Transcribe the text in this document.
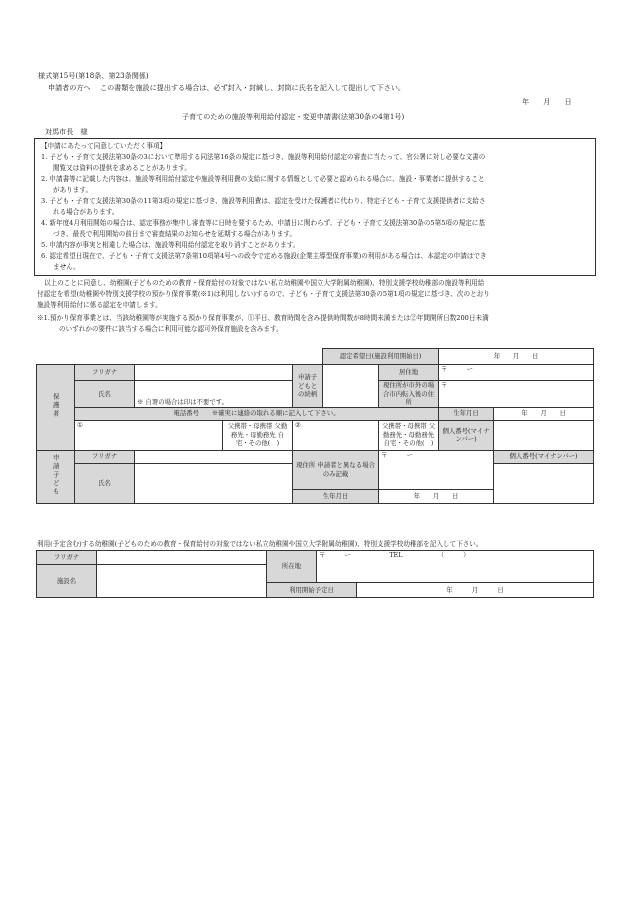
様式第15号(第18条、第23条関係)
申請者の方へ この書類を施設に提出する場合は、必ず封入・封緘し、封筒に氏名を記入して提出して下さい。
年　　月　　日
子育てのための施設等利用給付認定・変更申請書(法第30条の4第1号)
対馬市長　様
【申請にあたって同意していただく事項】
1. 子ども・子育て支援法第30条の3において準用する同法第16条の規定に基づき、施設等利用給付認定の審査に当たって、官公署に対し必要な文書の
閲覧又は資料の提供を求めることがあります。
2. 申請書等に記載した内容は、施設等利用給付認定や施設等利用費の支給に関する情報として必要と認められる場合に、施設・事業者に提供すること
があります。
3. 子ども・子育て支援法第30条の11第3項の規定に基づき、施設等利用費は、認定を受けた保護者に代わり、特定子ども・子育て支援提供者に支給さ
れる場合があります。
4. 新年度4月利用開始の場合は、認定事務が集中し審査等に日時を要するため、申請日に関わらず、子ども・子育て支援法第30条の5第5項の規定に基
づき、最長で利用開始の前日まで審査結果のお知らせを延期する場合があります。
5. 申請内容が事実と相違した場合は、施設等利用給付認定を取り消すことがあります。
6. 認定希望日現在で、子ども・子育て支援法第7条第10項第4号への政令で定める施設(企業主導型保育事業)の利用がある場合は、本認定の申請はでき
ません。
以上のことに同意し、幼稚園(子どものための教育・保育給付の対象ではない私立幼稚園や国立大学附属幼稚園)、特別支援学校幼稚部の施設等利用給
付認定を希望(幼稚園や特別支援学校の預かり保育事業(※1)は利用しない)するので、子ども・子育て支援法第30条の5第1項の規定に基づき、次のとおり
施設等利用給付に係る認定を申請します。
※1.預かり保育事業とは、当該幼稚園等が実施する預かり保育事業が、①平日、教育時間を含み提供時間数が8時間未満または②年間開所日数200日未満
のいずれかの要件に該当する場合に利用可能な認可外保育施設を含みます。
					認定希望日(施設利用開始日)		年　　月　　日	
保護者	フリガナ			申請子どもとの続柄		居住地	〒　　　ー	
	氏名	※ 自署の場合は印は不要です。				現住所が市外の場合市内転入後の住所	〒	
	電話番号　　 ※確実に連絡の取れる順に記入して下さい。						生年月日	年　　月　　日
	①		父携帯・母携帯 父勤務先・母勤務先 自宅・その他(　)	②		父携帯・母携帯 父勤務先・母勤務先 自宅・その他(　)	個人番号(マイナンバー)	
申請子ども	フリガナ			現住所 申請者と異なる場合のみ記載		〒　　　ー		個人番号(マイナンバー)
	氏名							
				生年月日		年　　月　　日		
利用(予定含む)する幼稚園(子どものための教育・保育給付の対象ではない私立幼稚園や国立大学附属幼稚園)、特別支援学校幼稚部を記入して下さい。
フリガナ		所在地	〒　　　ー　　　　　　TEL　　　　　　（　　　）	
施設名				
		利用開始予定日		年　　　月　　　日
